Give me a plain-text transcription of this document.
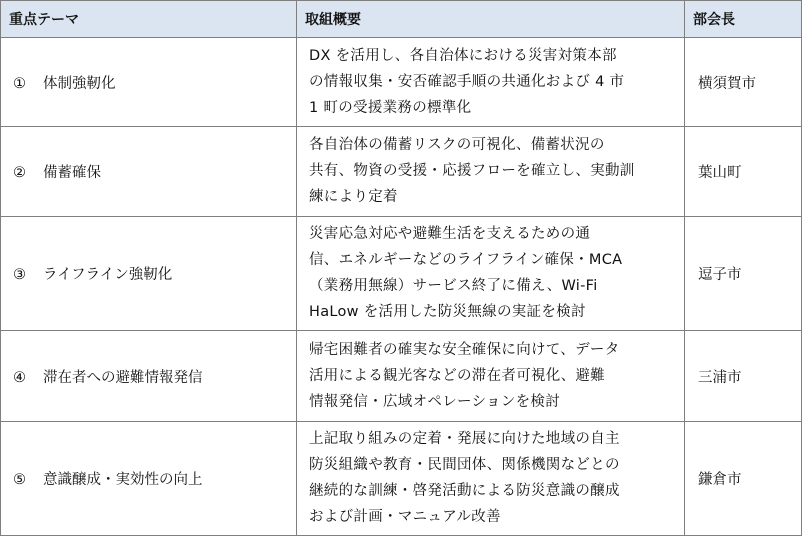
重点テーマ	取組概要	部会長
① 体制強靭化	DX を活用し、各自治体における災害対策本部
の情報収集・安否確認手順の共通化および 4 市
1 町の受援業務の標準化	横須賀市
② 備蓄確保	各自治体の備蓄リスクの可視化、備蓄状況の
共有、物資の受援・応援フローを確立し、実動訓
練により定着	葉山町
③ ライフライン強靭化	災害応急対応や避難生活を支えるための通
信、エネルギーなどのライフライン確保・MCA
（業務用無線）サービス終了に備え、Wi-Fi
HaLow を活用した防災無線の実証を検討	逗子市
④ 滞在者への避難情報発信	帰宅困難者の確実な安全確保に向けて、データ
活用による観光客などの滞在者可視化、避難
情報発信・広域オペレーションを検討	三浦市
⑤ 意識醸成・実効性の向上	上記取り組みの定着・発展に向けた地域の自主
防災組織や教育・民間団体、関係機関などとの
継続的な訓練・啓発活動による防災意識の醸成
および計画・マニュアル改善	鎌倉市
